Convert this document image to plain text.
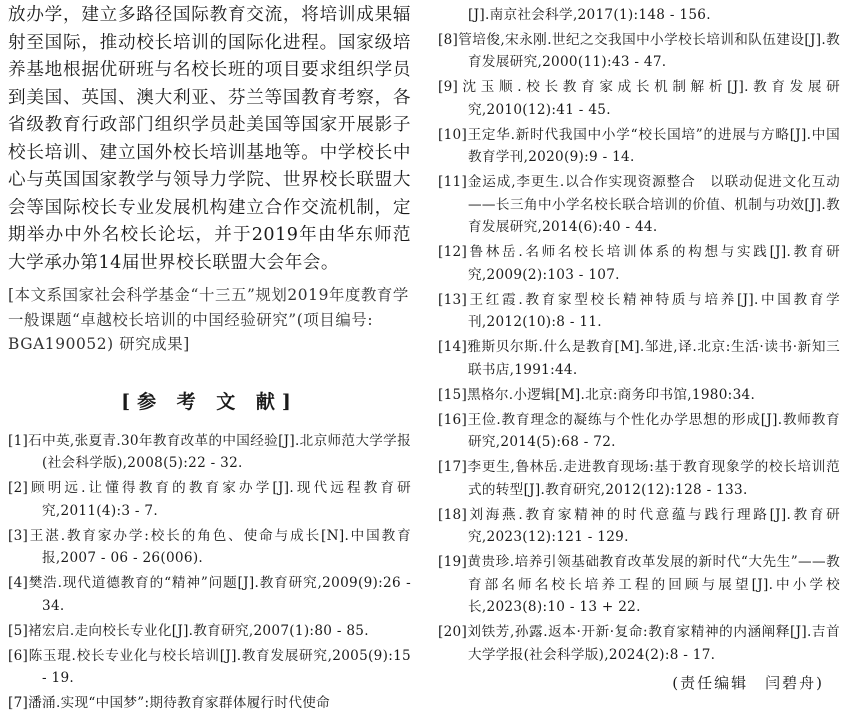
放办学，建立多路径国际教育交流，将培训成果辐射至国际，推动校长培训的国际化进程。国家级培养基地根据优研班与名校长班的项目要求组织学员到美国、英国、澳大利亚、芬兰等国教育考察，各省级教育行政部门组织学员赴美国等国家开展影子校长培训、建立国外校长培训基地等。中学校长中心与英国国家教学与领导力学院、世界校长联盟大会等国际校长专业发展机构建立合作交流机制，定期举办中外名校长论坛，并于2019年由华东师范大学承办第14届世界校长联盟大会年会。

[本文系国家社会科学基金“十三五”规划2019年度教育学一般课题“卓越校长培训的中国经验研究”(项目编号: BGA190052) 研究成果]

[参 考 文 献]
[1]石中英,张夏青.30年教育改革的中国经验[J].北京师范大学学报(社会科学版),2008(5):22 - 32.
[2]顾明远.让懂得教育的教育家办学[J].现代远程教育研究,2011(4):3 - 7.
[3]王湛.教育家办学:校长的角色、使命与成长[N].中国教育报,2007 - 06 - 26(006).
[4]樊浩.现代道德教育的“精神”问题[J].教育研究,2009(9):26 - 34.
[5]褚宏启.走向校长专业化[J].教育研究,2007(1):80 - 85.
[6]陈玉琨.校长专业化与校长培训[J].教育发展研究,2005(9):15 - 19.
[7]潘涌.实现“中国梦”:期待教育家群体履行时代使命
[J].南京社会科学,2017(1):148 - 156.
[8]管培俊,宋永刚.世纪之交我国中小学校长培训和队伍建设[J].教育发展研究,2000(11):43 - 47.
[9]沈玉顺.校长教育家成长机制解析[J].教育发展研究,2010(12):41 - 45.
[10]王定华.新时代我国中小学“校长国培”的进展与方略[J].中国教育学刊,2020(9):9 - 14.
[11]金运成,李更生.以合作实现资源整合　以联动促进文化互动——长三角中小学名校长联合培训的价值、机制与功效[J].教育发展研究,2014(6):40 - 44.
[12]鲁林岳.名师名校长培训体系的构想与实践[J].教育研究,2009(2):103 - 107.
[13]王红霞.教育家型校长精神特质与培养[J].中国教育学刊,2012(10):8 - 11.
[14]雅斯贝尔斯.什么是教育[M].邹进,译.北京:生活·读书·新知三联书店,1991:44.
[15]黑格尔.小逻辑[M].北京:商务印书馆,1980:34.
[16]王俭.教育理念的凝练与个性化办学思想的形成[J].教师教育研究,2014(5):68 - 72.
[17]李更生,鲁林岳.走进教育现场:基于教育现象学的校长培训范式的转型[J].教育研究,2012(12):128 - 133.
[18]刘海燕.教育家精神的时代意蕴与践行理路[J].教育研究,2023(12):121 - 129.
[19]黄贵珍.培养引领基础教育改革发展的新时代“大先生”——教育部名师名校长培养工程的回顾与展望[J].中小学校长,2023(8):10 - 13 + 22.
[20]刘铁芳,孙露.返本·开新·复命:教育家精神的内涵阐释[J].吉首大学学报(社会科学版),2024(2):8 - 17.
(责任编辑　闫碧舟)
